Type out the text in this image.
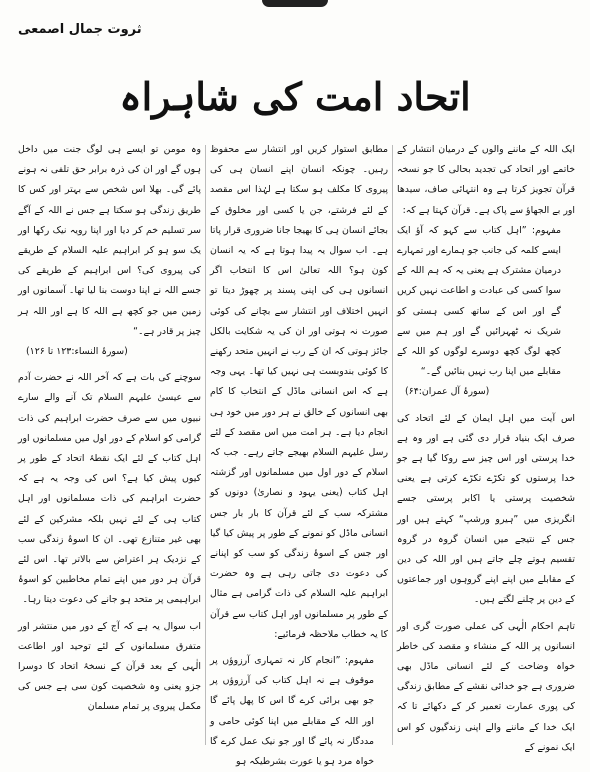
ثروت جمال اصمعی
اتحاد امت کی شاہراہ

ایک اللہ کے ماننے والوں کے درمیان انتشار کے خاتمے اور اتحاد کی تجدید بحالی کا جو نسخہ قرآن تجویز کرتا ہے وہ انتہائی صاف، سیدھا اور بے الجھاؤ سے پاک ہے۔ قرآن کہتا ہے کہ:

مفہوم: ”اہل کتاب سے کہو کہ آؤ ایک ایسے کلمہ کی جانب جو ہمارے اور تمہارے درمیان مشترک ہے یعنی یہ کہ ہم اللہ کے سوا کسی کی عبادت و اطاعت نہیں کریں گے اور اس کے ساتھ کسی ہستی کو شریک نہ ٹھہرائیں گے اور ہم میں سے کچھ لوگ کچھ دوسرے لوگوں کو اللہ کے مقابلے میں اپنا رب نہیں بنائیں گے۔“

(سورۂ آل عمران:۶۴)

اس آیت میں اہل ایمان کے لئے اتحاد کی صرف ایک بنیاد قرار دی گئی ہے اور وہ ہے خدا پرستی اور اس چیز سے روکا گیا ہے جو خدا پرستوں کو تکڑے تکڑے کرتی ہے یعنی شخصیت پرستی یا اکابر پرستی جسے انگریزی میں ”ہیرو ورشپ“ کہتے ہیں اور جس کے نتیجے میں انسان گروہ در گروہ تقسیم ہوتے چلے جاتے ہیں اور اللہ کی دین کے مقابلے میں اپنے اپنے گروہوں اور جماعتوں کے دین پر چلنے لگتے ہیں۔

تاہم احکام الٰہی کی عملی صورت گری اور انسانوں پر اللہ کے منشاء و مقصد کی خاطر خواہ وضاحت کے لئے انسانی ماڈل بھی ضروری ہے جو خدائی نقشے کے مطابق زندگی کی پوری عمارت تعمیر کر کے دکھائے تا کہ ایک خدا کے ماننے والے اپنی زندگیوں کو اس ایک نمونے کے

مطابق استوار کریں اور انتشار سے محفوظ رہیں۔ چونکہ انسان اپنے انسان ہی کی پیروی کا مکلف ہو سکتا ہے لہٰذا اس مقصد کے لئے فرشتے، جن یا کسی اور مخلوق کے بجائے انسان ہی کا بھیجا جانا ضروری قرار پاتا ہے۔ اب سوال یہ پیدا ہوتا ہے کہ یہ انسان کون ہو؟ اللہ تعالیٰ اس کا انتخاب اگر انسانوں ہی کی اپنی پسند پر چھوڑ دیتا تو انہیں اختلاف اور انتشار سے بچانے کی کوئی صورت نہ ہوتی اور ان کی یہ شکایت بالکل جائز ہوتی کہ ان کے رب نے انہیں متحد رکھنے کا کوئی بندوبست ہی نہیں کیا تھا۔ یہی وجہ ہے کہ اس انسانی ماڈل کے انتخاب کا کام بھی انسانوں کے خالق نے ہر دور میں خود ہی انجام دیا ہے۔ ہر امت میں اس مقصد کے لئے رسل علیہم السلام بھیجے جاتے رہے۔ جب کہ اسلام کے دور اول میں مسلمانوں اور گزشتہ اہل کتاب (یعنی یہود و نصاریٰ) دونوں کو مشترکہ سب کے لئے قرآن کا بار بار جس انسانی ماڈل کو نمونے کے طور پر پیش کیا گیا اور جس کے اسوۂ زندگی کو سب کو اپنانے کی دعوت دی جاتی رہی ہے وہ حضرت ابراہیم علیہ السلام کی ذات گرامی ہے مثال کے طور پر مسلمانوں اور اہل کتاب سے قرآن کا یہ خطاب ملاحظہ فرمائیے:

مفہوم: ”انجام کار نہ تمہاری آرزوؤں پر موقوف ہے نہ اہل کتاب کی آرزوؤں پر جو بھی برائی کرے گا اس کا پھل پائے گا اور اللہ کے مقابلے میں اپنا کوئی حامی و مددگار نہ پائے گا اور جو نیک عمل کرے گا خواہ مرد ہو یا عورت بشرطیکہ ہو

وہ مومن تو ایسے ہی لوگ جنت میں داخل ہوں گے اور ان کی ذرہ برابر حق تلفی نہ ہونے پائے گی۔ بھلا اس شخص سے بہتر اور کس کا طریق زندگی ہو سکتا ہے جس نے اللہ کے آگے سر تسلیم خم کر دیا اور اپنا رویہ نیک رکھا اور یک سو ہو کر ابراہیم علیہ السلام کے طریقے کی پیروی کی؟ اس ابراہیم کے طریقے کی جسے اللہ نے اپنا دوست بنا لیا تھا۔ آسمانوں اور زمین میں جو کچھ ہے اللہ کا ہے اور اللہ ہر چیز پر قادر ہے۔“

(سورۂ النساء:۱۲۳ تا ۱۲۶)

سوچنے کی بات ہے کہ آخر اللہ نے حضرت آدم سے عیسیٰ علیہم السلام تک آنے والے سارے نبیوں میں سے صرف حضرت ابراہیم کی ذات گرامی کو اسلام کے دور اول میں مسلمانوں اور اہل کتاب کے لئے ایک نقطۂ اتحاد کے طور پر کیوں پیش کیا ہے؟ اس کی وجہ یہ ہے کہ حضرت ابراہیم کی ذات مسلمانوں اور اہل کتاب ہی کے لئے نہیں بلکہ مشرکین کے لئے بھی غیر متنازع تھی۔ ان کا اسوۂ زندگی سب کے نزدیک ہر اعتراض سے بالاتر تھا۔ اس لئے قرآن ہر دور میں اپنے تمام مخاطبین کو اسوۂ ابراہیمی پر متحد ہو جانے کی دعوت دیتا رہا۔

اب سوال یہ ہے کہ آج کے دور میں منتشر اور متفرق مسلمانوں کے لئے توحید اور اطاعت الٰہی کے بعد قرآن کے نسخۂ اتحاد کا دوسرا جزو یعنی وہ شخصیت کون سی ہے جس کی مکمل پیروی پر تمام مسلمان
